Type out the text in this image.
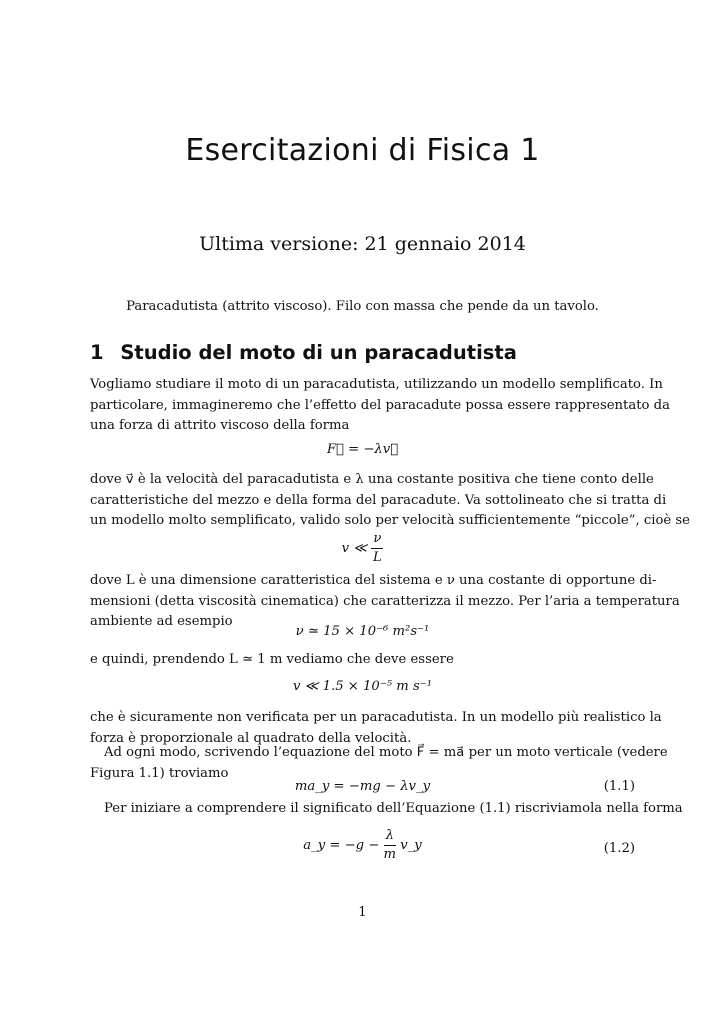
Esercitazioni di Fisica 1
Ultima versione: 21 gennaio 2014
Paracadutista (attrito viscoso). Filo con massa che pende da un tavolo.
1 Studio del moto di un paracadutista
Vogliamo studiare il moto di un paracadutista, utilizzando un modello semplificato. In
particolare, immagineremo che l’effetto del paracadute possa essere rappresentato da
una forza di attrito viscoso della forma
F⃗ = −λv⃗
dove v⃗ è la velocità del paracadutista e λ una costante positiva che tiene conto delle
caratteristiche del mezzo e della forma del paracadute. Va sottolineato che si tratta di
un modello molto semplificato, valido solo per velocità sufficientemente “piccole”, cioè se
v ≪ $\frac{\nu}{L}$
dove L è una dimensione caratteristica del sistema e ν una costante di opportune di-
mensioni (detta viscosità cinematica) che caratterizza il mezzo. Per l’aria a temperatura
ambiente ad esempio
ν ≃ 15 × 10⁻⁶ m²s⁻¹
e quindi, prendendo L ≃ 1 m vediamo che deve essere
v ≪ 1.5 × 10⁻⁵ m s⁻¹
che è sicuramente non verificata per un paracadutista. In un modello più realistico la
forza è proporzionale al quadrato della velocità.
Ad ogni modo, scrivendo l’equazione del moto F⃗ = ma⃗ per un moto verticale (vedere
Figura 1.1) troviamo
ma_y = −mg − λv_y	(1.1)
Per iniziare a comprendere il significato dell’Equazione (1.1) riscriviamola nella forma
a_y = $-g - \frac{\lambda}{m}$ v_y	(1.2)
1
